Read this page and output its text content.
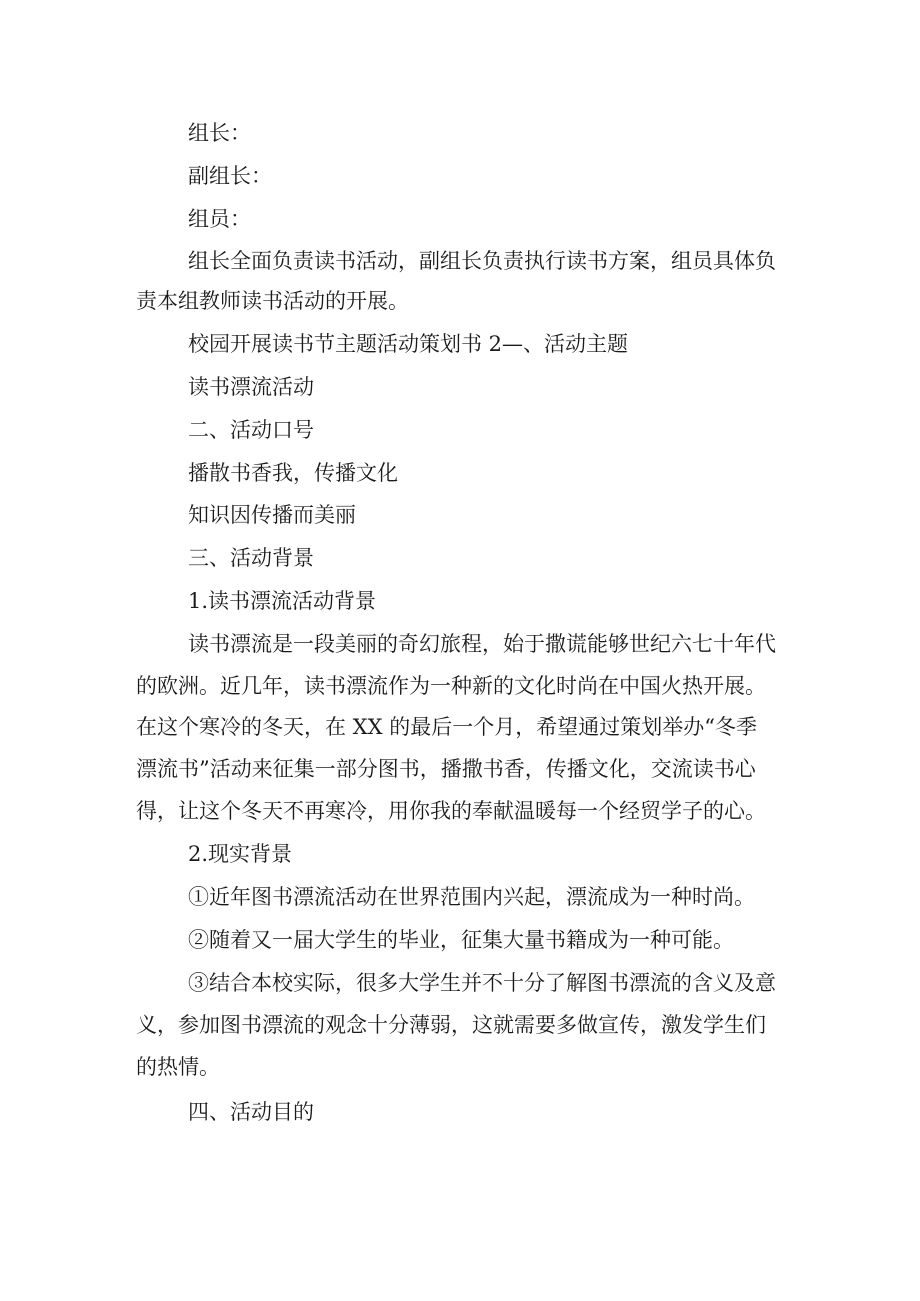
组长：
副组长：
组员：
组长全面负责读书活动，副组长负责执行读书方案，组员具体负
责本组教师读书活动的开展。
校园开展读书节主题活动策划书 2—、活动主题
读书漂流活动
二、活动口号
播散书香我，传播文化
知识因传播而美丽
三、活动背景
1.读书漂流活动背景
读书漂流是一段美丽的奇幻旅程，始于撒谎能够世纪六七十年代
的欧洲。近几年，读书漂流作为一种新的文化时尚在中国火热开展。
在这个寒冷的冬天，在 XX 的最后一个月，希望通过策划举办“冬季
漂流书”活动来征集一部分图书，播撒书香，传播文化，交流读书心
得，让这个冬天不再寒冷，用你我的奉献温暖每一个经贸学子的心。
2.现实背景
①近年图书漂流活动在世界范围内兴起，漂流成为一种时尚。
②随着又一届大学生的毕业，征集大量书籍成为一种可能。
③结合本校实际，很多大学生并不十分了解图书漂流的含义及意
义，参加图书漂流的观念十分薄弱，这就需要多做宣传，激发学生们
的热情。
四、活动目的
